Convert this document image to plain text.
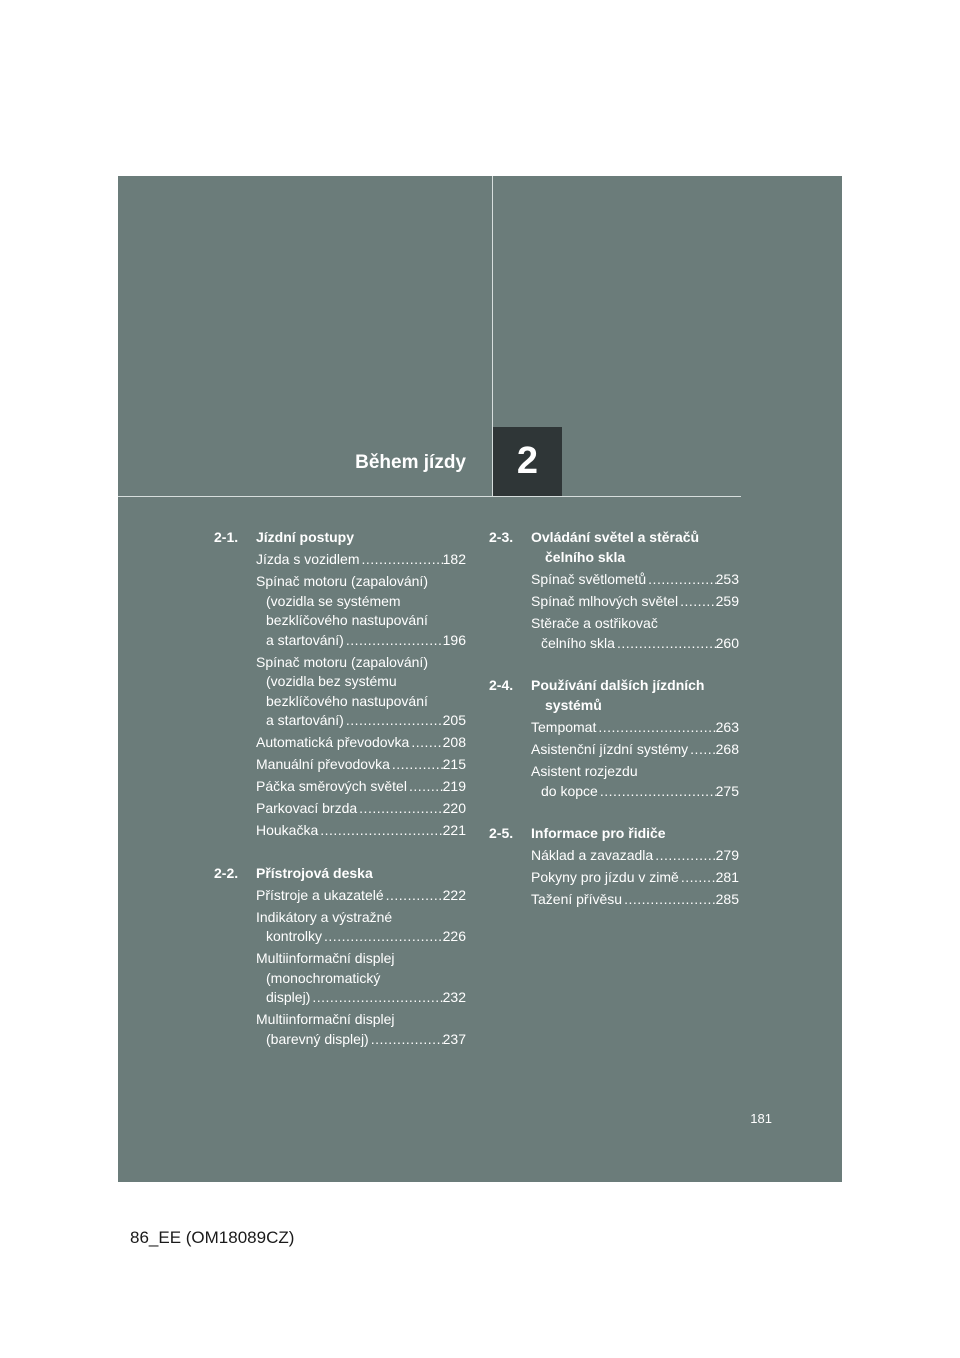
Během jízdy 2
2-1.	Jízdní postupy
Jízda s vozidlem .....	182
Spínač motoru (zapalování)
(vozidla se systémem
bezklíčového nastupování
a startování) .....	196
Spínač motoru (zapalování)
(vozidla bez systému
bezklíčového nastupování
a startování) .....	205
Automatická převodovka ..... 208
Manuální převodovka .....	215
Páčka směrových světel .....	219
Parkovací brzda .....	220
Houkačka .....	221
2-2.	Přístrojová deska
Přístroje a ukazatelé .....	222
Indikátory a výstražné
kontrolky .....	226
Multiinformační displej
(monochromatický
displej) .....	232
Multiinformační displej
(barevný displej) .....	237
2-3.	Ovládání světel a stěračů
čelního skla
Spínač světlometů .....	253
Spínač mlhových světel .....	259
Stěrače a ostřikovač
čelního skla .....	260
2-4.	Používání dalších jízdních
systémů
Tempomat .....	263
Asistenční jízdní systémy ..... 268
Asistent rozjezdu
do kopce .....	275
2-5.	Informace pro řidiče
Náklad a zavazadla .....	279
Pokyny pro jízdu v zimě .....	281
Tažení přívěsu .....	285
181
86_EE (OM18089CZ)
